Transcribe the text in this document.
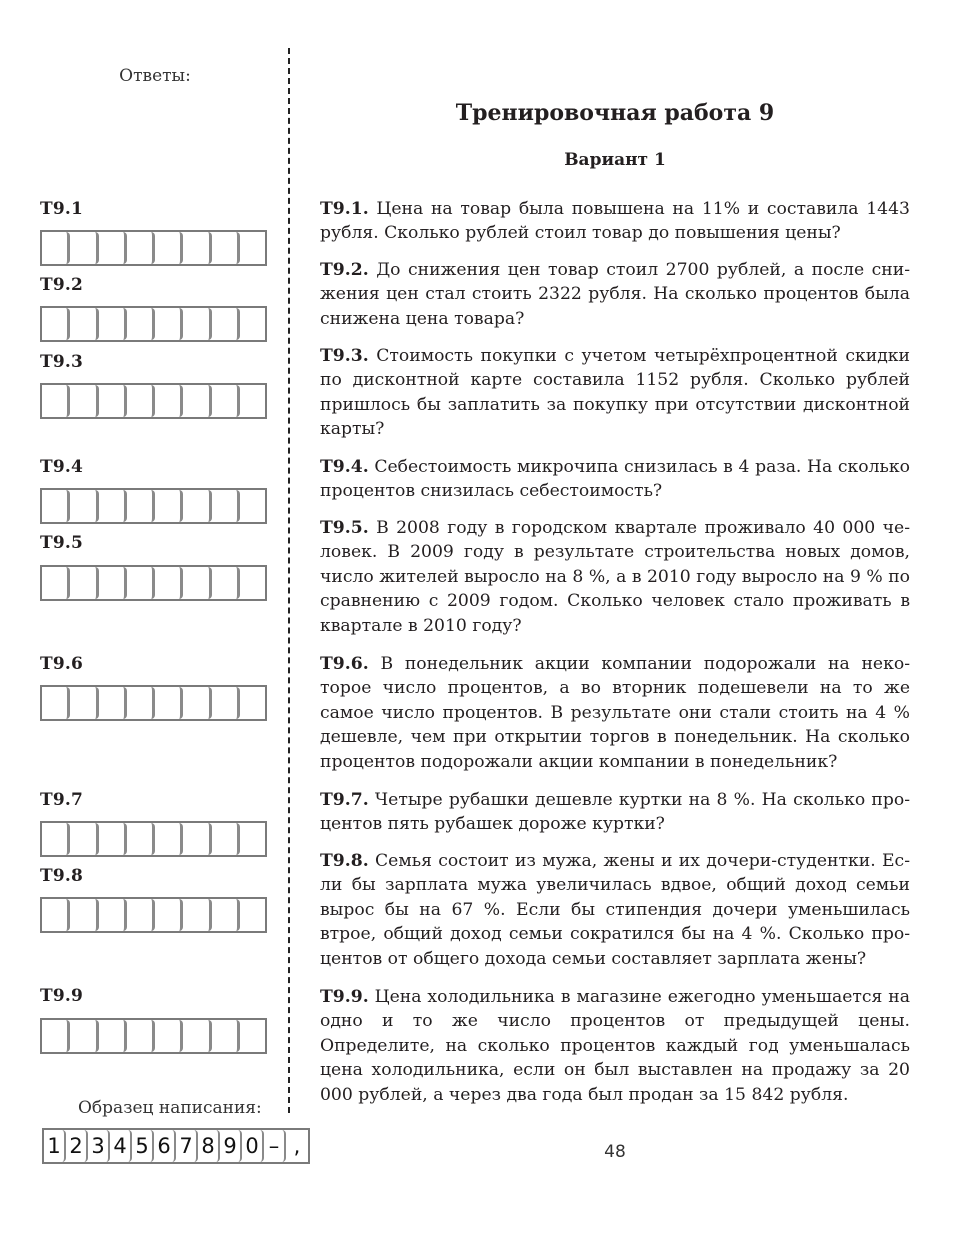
Ответы:
T9.1
T9.2
T9.3
T9.4
T9.5
T9.6
T9.7
T9.8
T9.9
Образец написания:
1 2 3 4 5 6 7 8 9 0 – ,
Тренировочная работа 9
Вариант 1
T9.1. Цена на товар была повышена на 11% и составила 1443 рубля. Сколько рублей стоил товар до повышения цены?
T9.2. До снижения цен товар стоил 2700 рублей, а после снижения цен стал стоить 2322 рубля. На сколько процентов была снижена цена товара?
T9.3. Стоимость покупки с учетом четырёхпроцентной скидки по дисконтной карте составила 1152 рубля. Сколько рублей пришлось бы заплатить за покупку при отсутствии дисконтной карты?
T9.4. Себестоимость микрочипа снизилась в 4 раза. На сколько процентов снизилась себестоимость?
T9.5. В 2008 году в городском квартале проживало 40 000 человек. В 2009 году в результате строительства новых домов, число жителей выросло на 8 %, а в 2010 году выросло на 9 % по сравнению с 2009 годом. Сколько человек стало проживать в квартале в 2010 году?
T9.6. В понедельник акции компании подорожали на некоторое число процентов, а во вторник подешевели на то же самое число процентов. В результате они стали стоить на 4 % дешевле, чем при открытии торгов в понедельник. На сколько процентов подорожали акции компании в понедельник?
T9.7. Четыре рубашки дешевле куртки на 8 %. На сколько процентов пять рубашек дороже куртки?
T9.8. Семья состоит из мужа, жены и их дочери-студентки. Если бы зарплата мужа увеличилась вдвое, общий доход семьи вырос бы на 67 %. Если бы стипендия дочери уменьшилась втрое, общий доход семьи сократился бы на 4 %. Сколько процентов от общего дохода семьи составляет зарплата жены?
T9.9. Цена холодильника в магазине ежегодно уменьшается на одно и то же число процентов от предыдущей цены. Определите, на сколько процентов каждый год уменьшалась цена холодильника, если он был выставлен на продажу за 20 000 рублей, а через два года был продан за 15 842 рубля.
48
